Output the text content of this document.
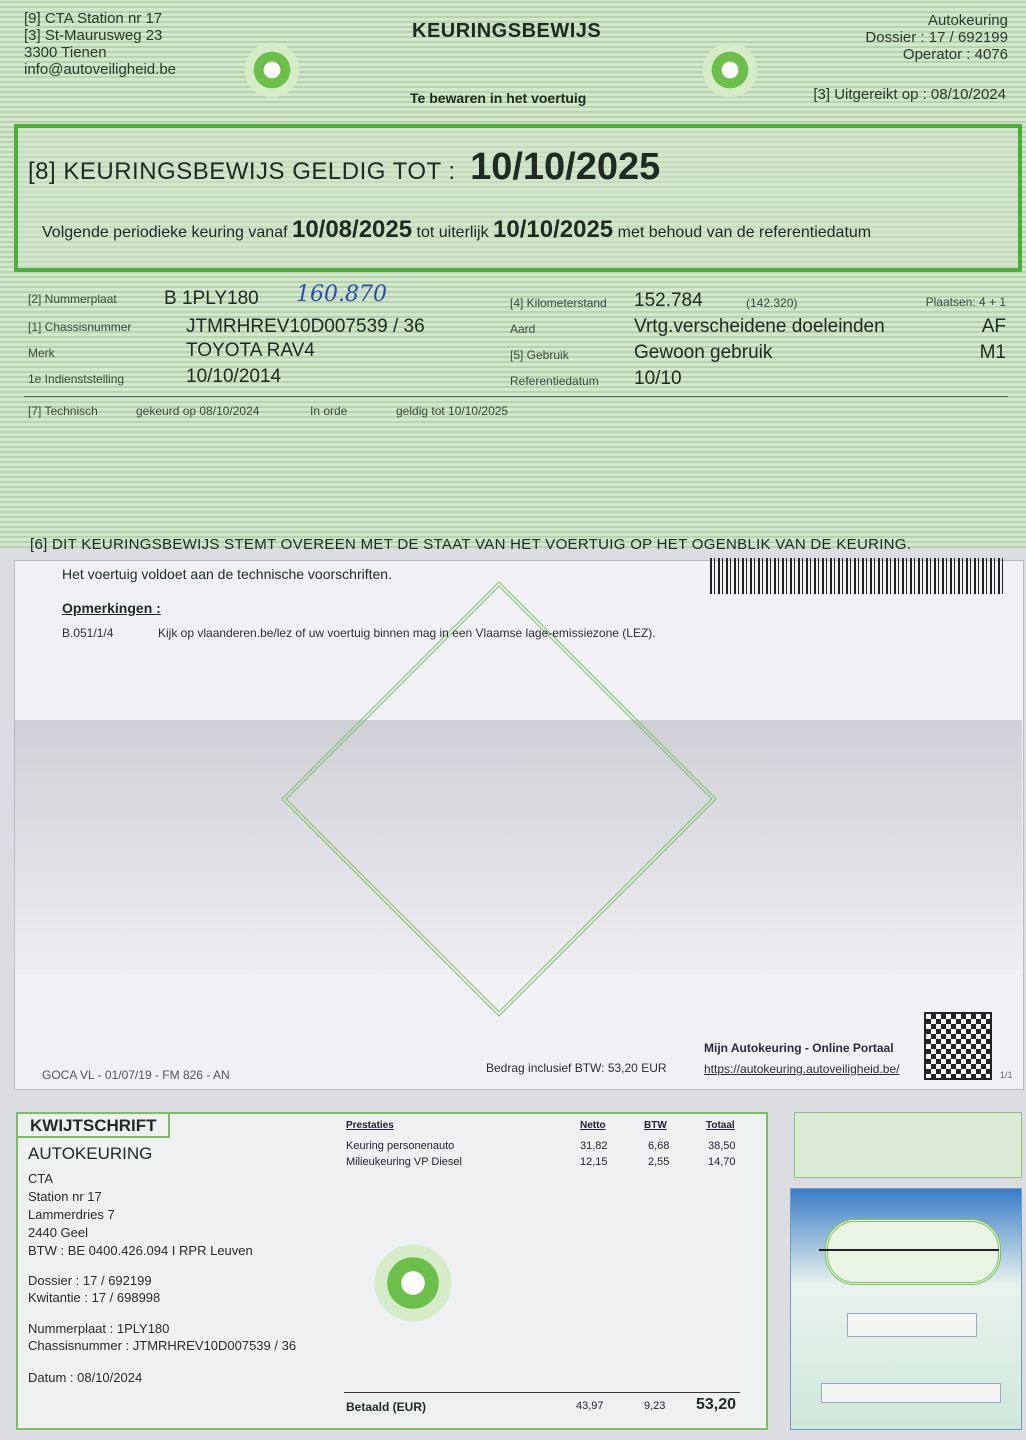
[9] CTA Station nr 17
[3] St-Maurusweg 23
3300 Tienen
info@autoveiligheid.be
KEURINGSBEWIJS
Te bewaren in het voertuig
Autokeuring
Dossier : 17 / 692199
Operator : 4076
[3] Uitgereikt op : 08/10/2024
[8] KEURINGSBEWIJS GELDIG TOT : 10/10/2025
Volgende periodieke keuring vanaf 10/08/2025 tot uiterlijk 10/10/2025 met behoud van de referentiedatum
[2] Nummerplaat B 1PLY180 160.870	[4] Kilometerstand 152.784	(142.320)	Plaatsen: 4 + 1
[1] Chassisnummer	JTMRHREV10D007539 / 36	Aard	Vrtg.verscheidene doeleinden	AF
Merk	TOYOTA RAV4	[5] Gebruik	Gewoon gebruik	M1
1e Indienststelling	10/10/2014	Referentiedatum 10/10
[7] Technisch	gekeurd op 08/10/2024	In orde	geldig tot 10/10/2025
[6] DIT KEURINGSBEWIJS STEMT OVEREEN MET DE STAAT VAN HET VOERTUIG OP HET OGENBLIK VAN DE KEURING.
Het voertuig voldoet aan de technische voorschriften.
Opmerkingen :
B.051/1/4	Kijk op vlaanderen.be/lez of uw voertuig binnen mag in een Vlaamse lage-emissiezone (LEZ).
GOCA VL - 01/07/19 - FM 826 - AN	Bedrag inclusief BTW: 53,20 EUR
Mijn Autokeuring - Online Portaal
https://autokeuring.autoveiligheid.be/	1/1
KWIJTSCHRIFT
AUTOKEURING
CTA
Station nr 17
Lammerdries 7
2440 Geel
BTW : BE 0400.426.094 I RPR Leuven
Dossier : 17 / 692199
Kwitantie : 17 / 698998
Nummerplaat : 1PLY180
Chassisnummer : JTMRHREV10D007539 / 36
Datum : 08/10/2024
Prestaties	Netto	BTW	Totaal
Keuring personenauto	31,82	6,68	38,50
Milieukeuring VP Diesel	12,15	2,55	14,70
Betaald (EUR)	43,97	9,23 53,20
